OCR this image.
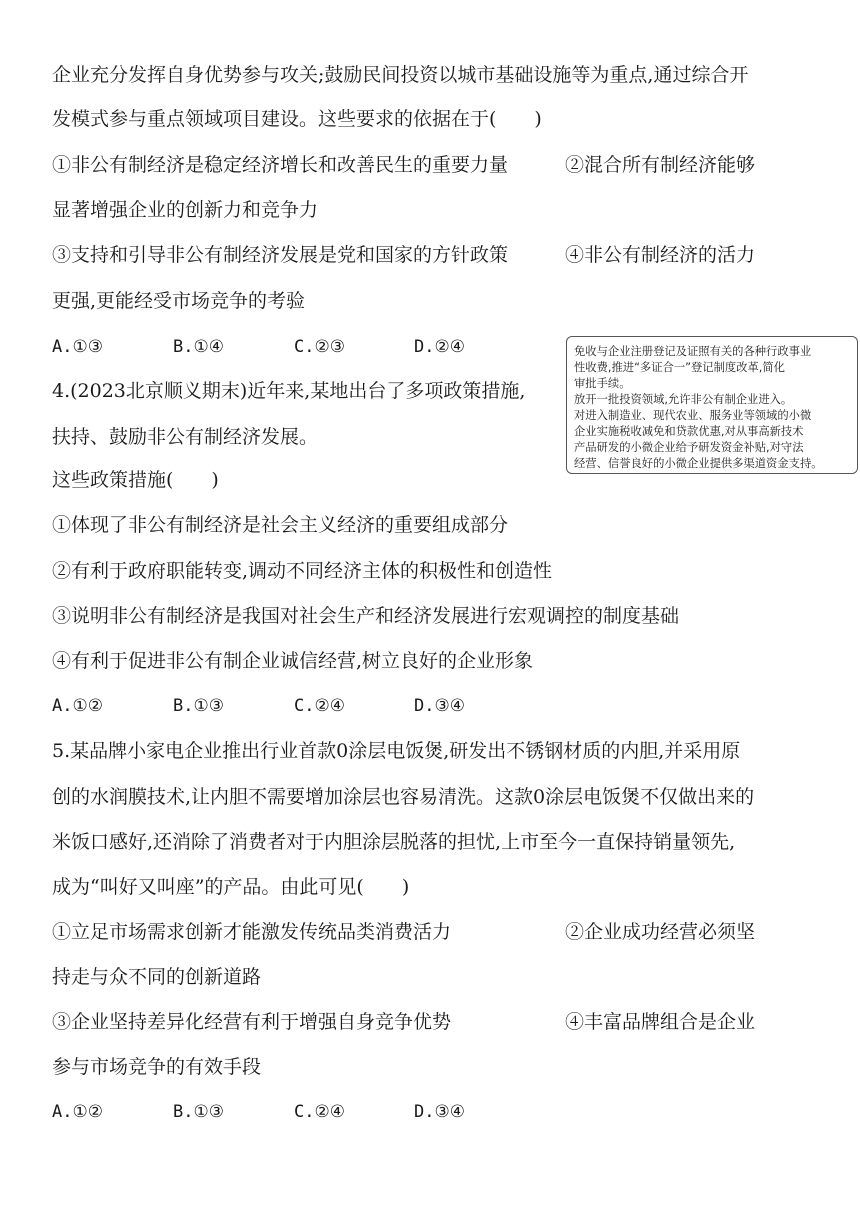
企业充分发挥自身优势参与攻关;鼓励民间投资以城市基础设施等为重点,通过综合开
发模式参与重点领域项目建设。这些要求的依据在于(　　)
①非公有制经济是稳定经济增长和改善民生的重要力量　　　②混合所有制经济能够
显著增强企业的创新力和竞争力
③支持和引导非公有制经济发展是党和国家的方针政策　　　④非公有制经济的活力
更强,更能经受市场竞争的考验
A.①③	B.①④	C.②③	D.②④
4.(2023北京顺义期末)近年来,某地出台了多项政策措施,
扶持、鼓励非公有制经济发展。
这些政策措施(　　)

免收与企业注册登记及证照有关的各种行政事业
性收费,推进“多证合一”登记制度改革,简化
审批手续。

放开一批投资领域,允许非公有制企业进入。

对进入制造业、现代农业、服务业等领域的小微
企业实施税收减免和贷款优惠,对从事高新技术
产品研发的小微企业给予研发资金补贴,对守法
经营、信誉良好的小微企业提供多渠道资金支持。

①体现了非公有制经济是社会主义经济的重要组成部分
②有利于政府职能转变,调动不同经济主体的积极性和创造性
③说明非公有制经济是我国对社会生产和经济发展进行宏观调控的制度基础
④有利于促进非公有制企业诚信经营,树立良好的企业形象
A.①②	B.①③	C.②④	D.③④
5.某品牌小家电企业推出行业首款0涂层电饭煲,研发出不锈钢材质的内胆,并采用原
创的水润膜技术,让内胆不需要增加涂层也容易清洗。这款0涂层电饭煲不仅做出来的
米饭口感好,还消除了消费者对于内胆涂层脱落的担忧,上市至今一直保持销量领先,
成为“叫好又叫座”的产品。由此可见(　　)
①立足市场需求创新才能激发传统品类消费活力　　　　　　②企业成功经营必须坚
持走与众不同的创新道路
③企业坚持差异化经营有利于增强自身竞争优势　　　　　　④丰富品牌组合是企业
参与市场竞争的有效手段
A.①②	B.①③	C.②④	D.③④
